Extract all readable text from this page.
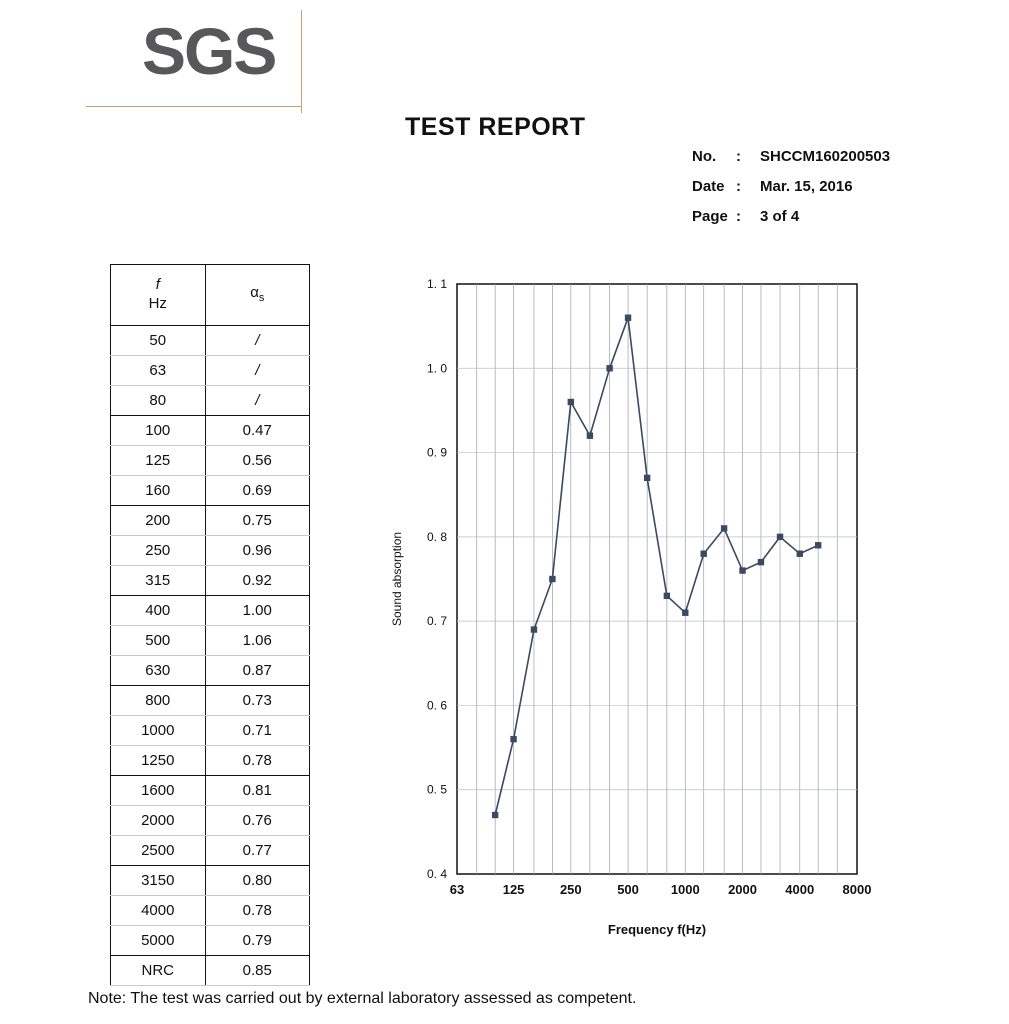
SGS
TEST REPORT
No. : SHCCM160200503
Date : Mar. 15, 2016
Page : 3 of 4
f
Hz	$\alpha_s$
50	/
63	/
80	/
100	0.47
125	0.56
160	0.69
200	0.75
250	0.96
315	0.92
400	1.00
500	1.06
630	0.87
800	0.73
1000	0.71
1250	0.78
1600	0.81
2000	0.76
2500	0.77
3150	0.80
4000	0.78
5000	0.79
NRC	0.85
63	125	250	500 1000 2000 4000 8000
0. 4
0. 5
0. 6
0. 7
0. 8
0. 9
1. 0
1. 1
Frequency f(Hz)
Sound absorption
Note: The test was carried out by external laboratory assessed as competent.
